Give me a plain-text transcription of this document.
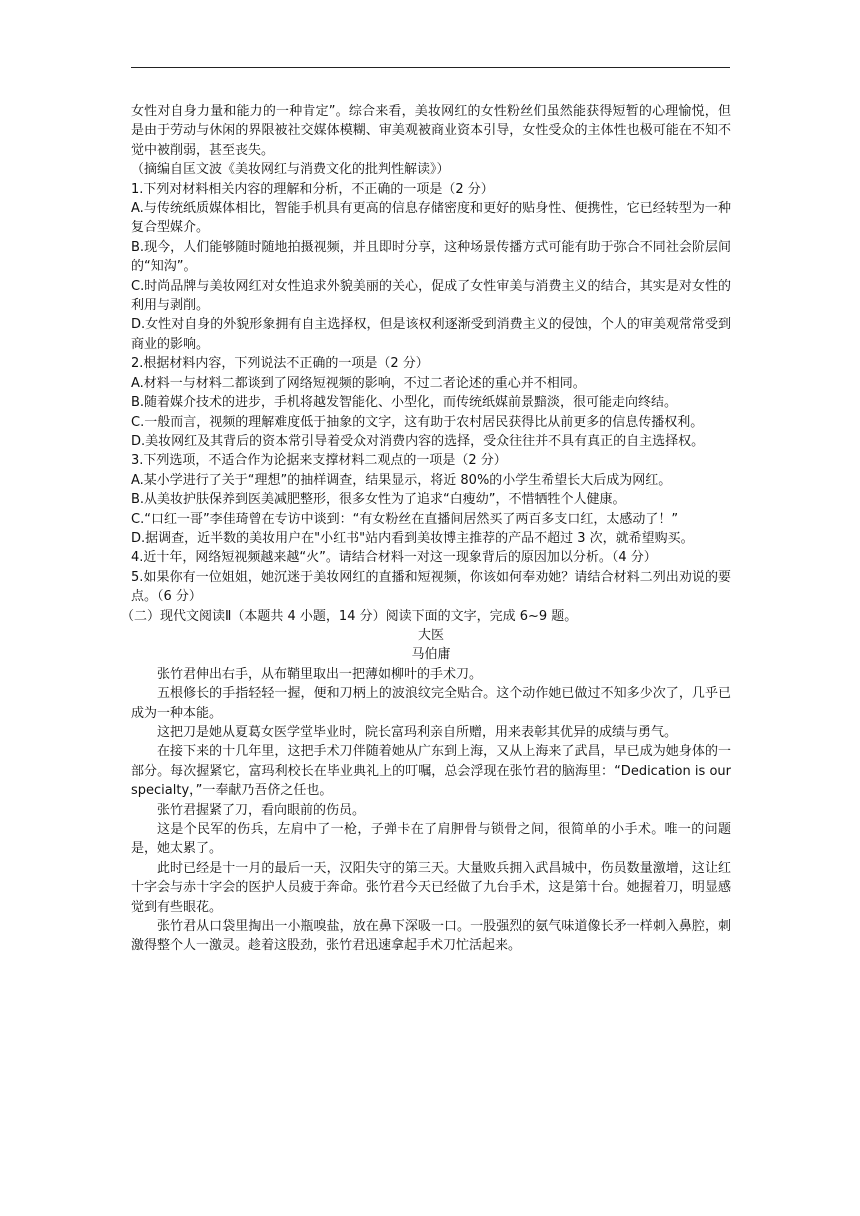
女性对自身力量和能力的一种肯定”。综合来看，美妆网红的女性粉丝们虽然能获得短暂的心理愉悦，但是由于劳动与休闲的界限被社交媒体模糊、审美观被商业资本引导，女性受众的主体性也极可能在不知不觉中被削弱，甚至丧失。

（摘编自匡文波《美妆网红与消费文化的批判性解读》）

1.下列对材料相关内容的理解和分析，不正确的一项是（2 分）

A.与传统纸质媒体相比，智能手机具有更高的信息存储密度和更好的贴身性、便携性，它已经转型为一种复合型媒介。

B.现今，人们能够随时随地拍摄视频，并且即时分享，这种场景传播方式可能有助于弥合不同社会阶层间的“知沟”。

C.时尚品牌与美妆网红对女性追求外貌美丽的关心，促成了女性审美与消费主义的结合，其实是对女性的利用与剥削。

D.女性对自身的外貌形象拥有自主选择权，但是该权利逐渐受到消费主义的侵蚀，个人的审美观常常受到商业的影响。

2.根据材料内容，下列说法不正确的一项是（2 分）

A.材料一与材料二都谈到了网络短视频的影响，不过二者论述的重心并不相同。

B.随着媒介技术的进步，手机将越发智能化、小型化，而传统纸媒前景黯淡，很可能走向终结。

C.一般而言，视频的理解难度低于抽象的文字，这有助于农村居民获得比从前更多的信息传播权利。

D.美妆网红及其背后的资本常引导着受众对消费内容的选择，受众往往并不具有真正的自主选择权。

3.下列选项，不适合作为论据来支撑材料二观点的一项是（2 分）

A.某小学进行了关于“理想”的抽样调查，结果显示，将近 80%的小学生希望长大后成为网红。

B.从美妆护肤保养到医美减肥整形，很多女性为了追求“白瘦幼”，不惜牺牲个人健康。

C.“口红一哥”李佳琦曾在专访中谈到：“有女粉丝在直播间居然买了两百多支口红，太感动了！”

D.据调查，近半数的美妆用户在"小红书"站内看到美妆博主推荐的产品不超过 3 次，就希望购买。

4.近十年，网络短视频越来越“火”。请结合材料一对这一现象背后的原因加以分析。（4 分）

5.如果你有一位姐姐，她沉迷于美妆网红的直播和短视频，你该如何奉劝她？请结合材料二列出劝说的要点。（6 分）

（二）现代文阅读Ⅱ（本题共 4 小题，14 分）阅读下面的文字，完成 6~9 题。

大医

马伯庸

张竹君伸出右手，从布鞘里取出一把薄如柳叶的手术刀。

五根修长的手指轻轻一握，便和刀柄上的波浪纹完全贴合。这个动作她已做过不知多少次了，几乎已成为一种本能。

这把刀是她从夏葛女医学堂毕业时，院长富玛利亲自所赠，用来表彰其优异的成绩与勇气。

在接下来的十几年里，这把手术刀伴随着她从广东到上海，又从上海来了武昌，早已成为她身体的一部分。每次握紧它，富玛利校长在毕业典礼上的叮嘱，总会浮现在张竹君的脑海里：“Dedication is our specialty，”一奉献乃吾侪之任也。

张竹君握紧了刀，看向眼前的伤员。

这是个民军的伤兵，左肩中了一枪，子弹卡在了肩胛骨与锁骨之间，很简单的小手术。唯一的问题是，她太累了。

此时已经是十一月的最后一天，汉阳失守的第三天。大量败兵拥入武昌城中，伤员数量激增，这让红十字会与赤十字会的医护人员疲于奔命。张竹君今天已经做了九台手术，这是第十台。她握着刀，明显感觉到有些眼花。

张竹君从口袋里掏出一小瓶嗅盐，放在鼻下深吸一口。一股强烈的氨气味道像长矛一样刺入鼻腔，刺激得整个人一激灵。趁着这股劲，张竹君迅速拿起手术刀忙活起来。
